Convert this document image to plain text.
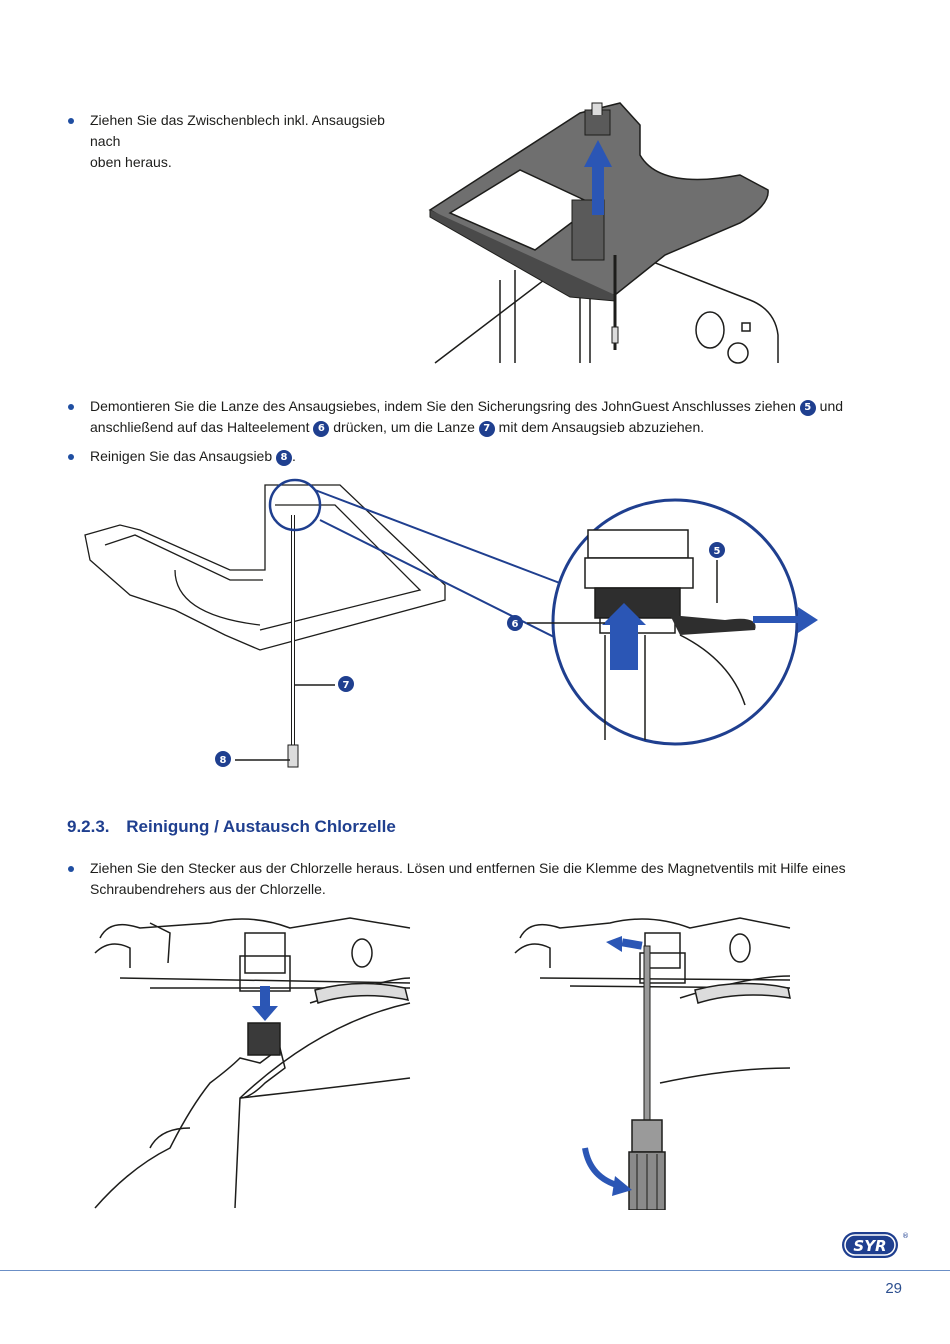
Ziehen Sie das Zwischenblech inkl. Ansaugsieb nach
oben heraus.
Demontieren Sie die Lanze des Ansaugsiebes, indem Sie den Sicherungsring des JohnGuest Anschlusses ziehen 5 und
anschließend auf das Halteelement 6 drücken, um die Lanze 7 mit dem Ansaugsieb abzuziehen.
Reinigen Sie das Ansaugsieb 8 .
5
6
7
8
9.2.3. Reinigung / Austausch Chlorzelle
Ziehen Sie den Stecker aus der Chlorzelle heraus. Lösen und entfernen Sie die Klemme des Magnetventils mit Hilfe eines
Schraubendrehers aus der Chlorzelle.
SYR
®
29
